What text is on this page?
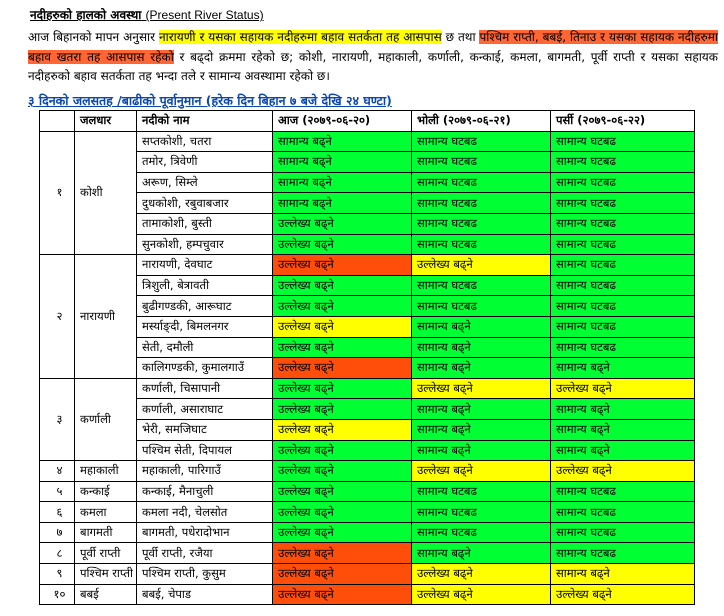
नदीहरुको हालको अवस्था (Present River Status)
आज बिहानको मापन अनुसार नारायणी र यसका सहायक नदीहरुमा बहाव सतर्कता तह आसपास छ तथा पश्चिम राप्ती, बबई, तिनाउ र यसका सहायक नदीहरुमा बहाव खतरा तह आसपास रहेको र बढ्दो क्रममा रहेको छ; कोशी, नारायणी, महाकाली, कर्णाली, कन्काई, कमला, बागमती, पूर्वी राप्ती र यसका सहायक नदीहरुको बहाव सतर्कता तह भन्दा तले र सामान्य अवस्थामा रहेको छ।
३ दिनको जलसतह /बाढीको पूर्वानुमान (हरेक दिन बिहान ७ बजे देखि २४ घण्टा)
	जलधार	नदीको नाम	आज (२०७९-०६-२०)	भोली (२०७९-०६-२१)	पर्सी (२०७९-०६-२२)
१	कोशी	सप्तकोशी, चतरा	सामान्य बढ्ने	सामान्य घटबढ	सामान्य घटबढ
		तमोर, त्रिवेणी	सामान्य बढ्ने	सामान्य घटबढ	सामान्य घटबढ
		अरूण, सिम्ले	सामान्य बढ्ने	सामान्य घटबढ	सामान्य घटबढ
		दुधकोशी, रबुवाबजार	सामान्य बढ्ने	सामान्य घटबढ	सामान्य घटबढ
		तामाकोशी, बुस्ती	उल्लेख्य बढ्ने	सामान्य घटबढ	सामान्य घटबढ
		सुनकोशी, हम्पचुवार	उल्लेख्य बढ्ने	सामान्य घटबढ	सामान्य घटबढ
२	नारायणी	नारायणी, देवघाट	उल्लेख्य बढ्ने	उल्लेख्य बढ्ने	सामान्य घटबढ
		त्रिशुली, बेत्रावती	उल्लेख्य बढ्ने	सामान्य घटबढ	सामान्य घटबढ
		बुढीगण्डकी, आरूघाट	उल्लेख्य बढ्ने	सामान्य घटबढ	सामान्य घटबढ
		मर्स्याङ्दी, बिमलनगर	उल्लेख्य बढ्ने	सामान्य बढ्ने	सामान्य घटबढ
		सेती, दमौली	उल्लेख्य बढ्ने	सामान्य बढ्ने	सामान्य घटबढ
		कालिगण्डकी, कुमालगाउँ	उल्लेख्य बढ्ने	सामान्य बढ्ने	सामान्य बढ्ने
३	कर्णाली	कर्णाली, चिसापानी	उल्लेख्य बढ्ने	उल्लेख्य बढ्ने	उल्लेख्य बढ्ने
		कर्णाली, असाराघाट	उल्लेख्य बढ्ने	सामान्य बढ्ने	सामान्य बढ्ने
		भेरी, समजिघाट	उल्लेख्य बढ्ने	सामान्य बढ्ने	सामान्य बढ्ने
		पश्चिम सेती, दिपायल	उल्लेख्य बढ्ने	सामान्य बढ्ने	सामान्य बढ्ने
४	महाकाली	महाकाली, पारिगाउँ	उल्लेख्य बढ्ने	उल्लेख्य बढ्ने	उल्लेख्य बढ्ने
५	कन्काई	कन्काई, मैनाचुली	उल्लेख्य बढ्ने	सामान्य घटबढ	सामान्य घटबढ
६	कमला	कमला नदी, चेलसोत	उल्लेख्य बढ्ने	सामान्य घटबढ	सामान्य घटबढ
७	बागमती	बागमती, पधेरादोभान	उल्लेख्य बढ्ने	सामान्य घटबढ	सामान्य घटबढ
८	पूर्वी राप्ती	पूर्वी राप्ती, रजैया	उल्लेख्य बढ्ने	सामान्य बढ्ने	सामान्य घटबढ
९	पश्चिम राप्ती	पश्चिम राप्ती, कुसुम	उल्लेख्य बढ्ने	उल्लेख्य बढ्ने	सामान्य बढ्ने
१०	बबई	बबई, चेपाड	उल्लेख्य बढ्ने	उल्लेख्य बढ्ने	उल्लेख्य बढ्ने
